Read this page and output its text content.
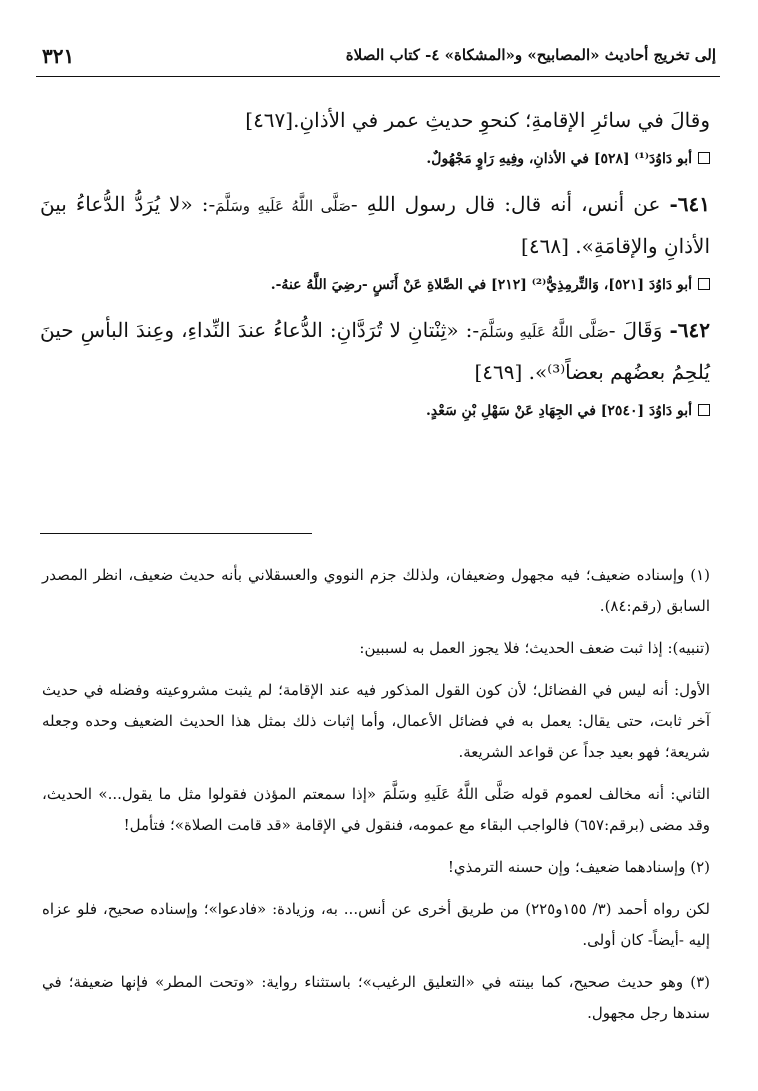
إلى تخريج أحاديث «المصابيح» و«المشكاة» ٤- كتاب الصلاة
٣٢١

وقالَ في سائرِ الإقامةِ؛ كنحوِ حديثِ عمر في الأذانِ.[٤٦٧]

أبو دَاوُدَ⁽¹⁾ [٥٢٨] في الأذانِ، وفِيهِ رَاوٍ مَجْهُولٌ.

٦٤١- عن أنس، أنه قال: قال رسول اللهِ -صَلَّى اللَّهُ عَلَيهِ وسَلَّمَ-: «لا يُرَدُّ الدُّعاءُ بينَ الأذانِ والإقامَةِ». [٤٦٨]

أبو دَاوُدَ [٥٢١]، وَالتِّرمِذِيُّ⁽²⁾ [٢١٢] في الصَّلاةِ عَنْ أَنَسٍ -رضِيَ اللَّهُ عنهُ-.

٦٤٢- وَقَالَ -صَلَّى اللَّهُ عَلَيهِ وسَلَّمَ-: «ثِنْتانِ لا تُرَدَّانِ: الدُّعاءُ عندَ النِّداءِ، وعِندَ البأسِ حينَ يُلحِمُ بعضُهم بعضاً⁽³⁾». [٤٦٩]

أبو دَاوُدَ [٢٥٤٠] في الجِهَادِ عَنْ سَهْلِ بْنِ سَعْدٍ.

(١) وإسناده ضعيف؛ فيه مجهول وضعيفان، ولذلك جزم النووي والعسقلاني بأنه حديث ضعيف، انظر المصدر السابق (رقم:٨٤).

(تنبيه): إذا ثبت ضعف الحديث؛ فلا يجوز العمل به لسببين:

الأول: أنه ليس في الفضائل؛ لأن كون القول المذكور فيه عند الإقامة؛ لم يثبت مشروعيته وفضله في حديث آخر ثابت، حتى يقال: يعمل به في فضائل الأعمال، وأما إثبات ذلك بمثل هذا الحديث الضعيف وحده وجعله شريعة؛ فهو بعيد جداً عن قواعد الشريعة.

الثاني: أنه مخالف لعموم قوله صَلَّى اللَّهُ عَلَيهِ وسَلَّمَ «إذا سمعتم المؤذن فقولوا مثل ما يقول...» الحديث، وقد مضى (برقم:٦٥٧) فالواجب البقاء مع عمومه، فنقول في الإقامة «قد قامت الصلاة»؛ فتأمل!

(٢) وإسنادهما ضعيف؛ وإن حسنه الترمذي!

لكن رواه أحمد (٣/ ١٥٥و٢٢٥) من طريق أخرى عن أنس... به، وزيادة: «فادعوا»؛ وإسناده صحيح، فلو عزاه إليه -أيضاً- كان أولى.

(٣) وهو حديث صحيح، كما بينته في «التعليق الرغيب»؛ باستثناء رواية: «وتحت المطر» فإنها ضعيفة؛ في سندها رجل مجهول.
